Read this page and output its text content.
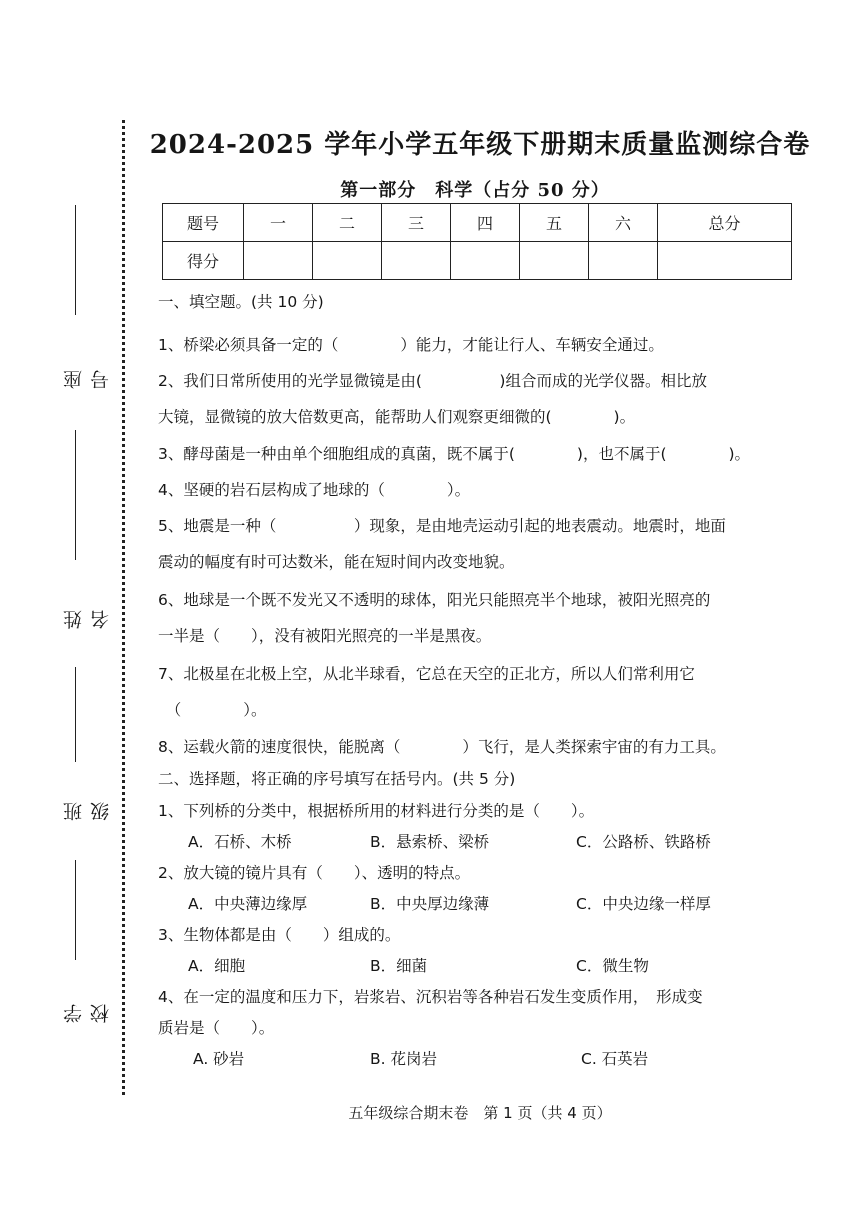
座 号
姓 名
班 级
学 校
2024-2025 学年小学五年级下册期末质量监测综合卷
第一部分　科学（占分 50 分）
题号	一	二	三	四	五	六	总分
得分							
一、填空题。(共 10 分)
1、桥梁必须具备一定的（　　　　）能力，才能让行人、车辆安全通过。
2、我们日常所使用的光学显微镜是由(　　　　　)组合而成的光学仪器。相比放
大镜，显微镜的放大倍数更高，能帮助人们观察更细微的(　　　　)。
3、酵母菌是一种由单个细胞组成的真菌，既不属于(　　　　)，也不属于(　　　　)。
4、坚硬的岩石层构成了地球的（　　　　）。
5、地震是一种（　　　　　）现象，是由地壳运动引起的地表震动。地震时，地面
震动的幅度有时可达数米，能在短时间内改变地貌。
6、地球是一个既不发光又不透明的球体，阳光只能照亮半个地球，被阳光照亮的
一半是（　　），没有被阳光照亮的一半是黑夜。
7、北极星在北极上空，从北半球看，它总在天空的正北方，所以人们常利用它
　（　　　　）。
8、运载火箭的速度很快，能脱离（　　　　）飞行，是人类探索宇宙的有力工具。
二、选择题，将正确的序号填写在括号内。(共 5 分)
1、下列桥的分类中，根据桥所用的材料进行分类的是（　　）。
A．石桥、木桥	B．悬索桥、梁桥	C．公路桥、铁路桥
2、放大镜的镜片具有（　　）、透明的特点。
A．中央薄边缘厚	B．中央厚边缘薄	C．中央边缘一样厚
3、生物体都是由（　　）组成的。
A．细胞	B．细菌	C．微生物
4、在一定的温度和压力下，岩浆岩、沉积岩等各种岩石发生变质作用，　形成变
质岩是（　　）。
A. 砂岩	B. 花岗岩	C. 石英岩
五年级综合期末卷　第 1 页（共 4 页）
